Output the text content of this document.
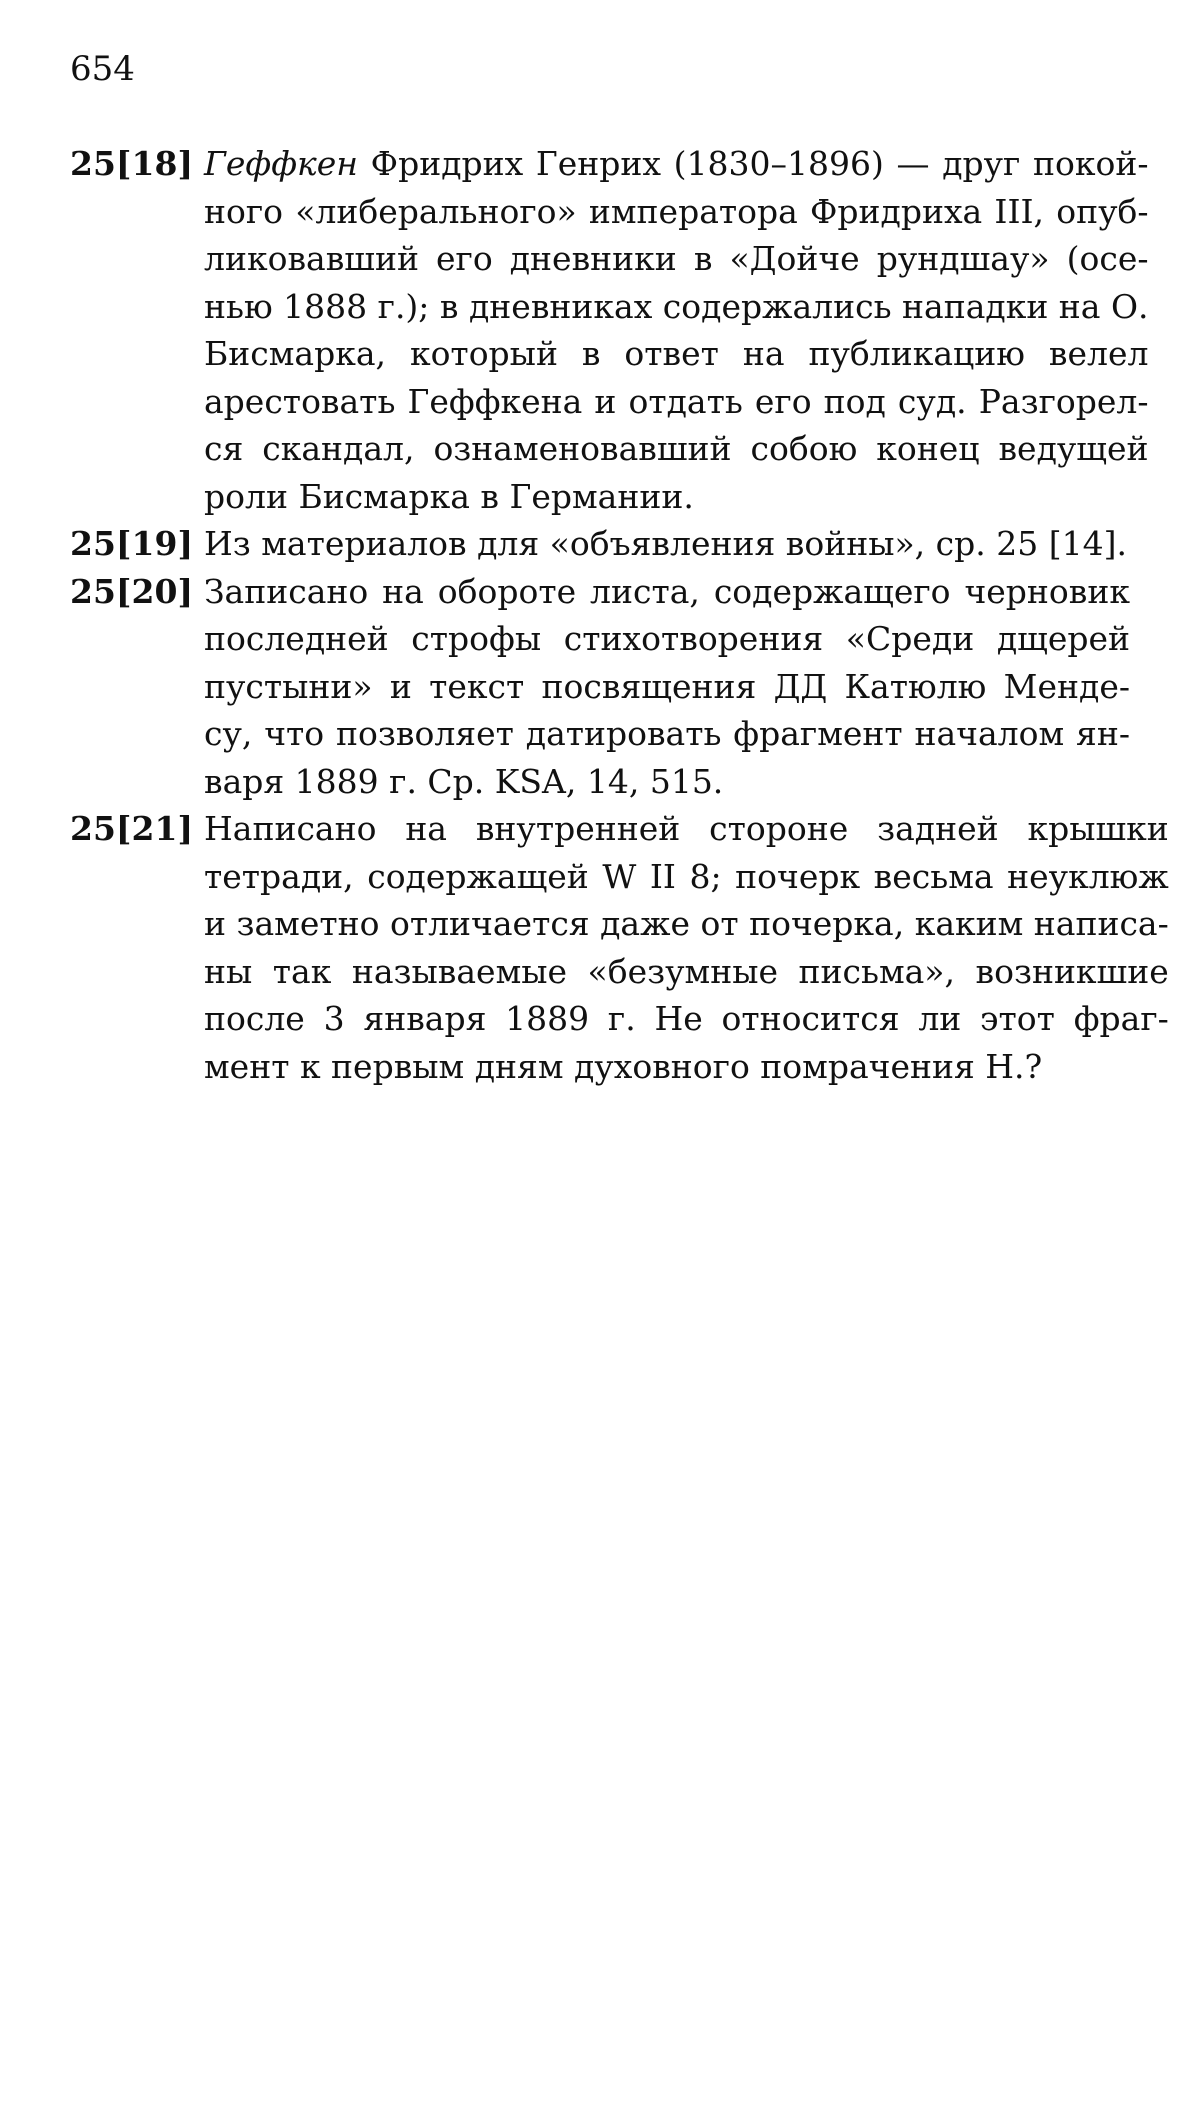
654
25[18] Геффкен Фридрих Генрих (1830–1896) — друг покой-
ного «либерального» императора Фридриха III, опуб-
ликовавший его дневники в «Дойче рундшау» (осе-
нью 1888 г.); в дневниках содержались нападки на О.
Бисмарка, который в ответ на публикацию велел
арестовать Геффкена и отдать его под суд. Разгорел-
ся скандал, ознаменовавший собою конец ведущей
роли Бисмарка в Германии.
25[19] Из материалов для «объявления войны», ср. 25 [14].
25[20] Записано на обороте листа, содержащего черновик
последней строфы стихотворения «Среди дщерей
пустыни» и текст посвящения ДД Катюлю Менде-
су, что позволяет датировать фрагмент началом ян-
варя 1889 г. Ср. KSA, 14, 515.
25[21] Написано на внутренней стороне задней крышки
тетради, содержащей W II 8; почерк весьма неуклюж
и заметно отличается даже от почерка, каким написа-
ны так называемые «безумные письма», возникшие
после 3 января 1889 г. Не относится ли этот фраг-
мент к первым дням духовного помрачения Н.?
